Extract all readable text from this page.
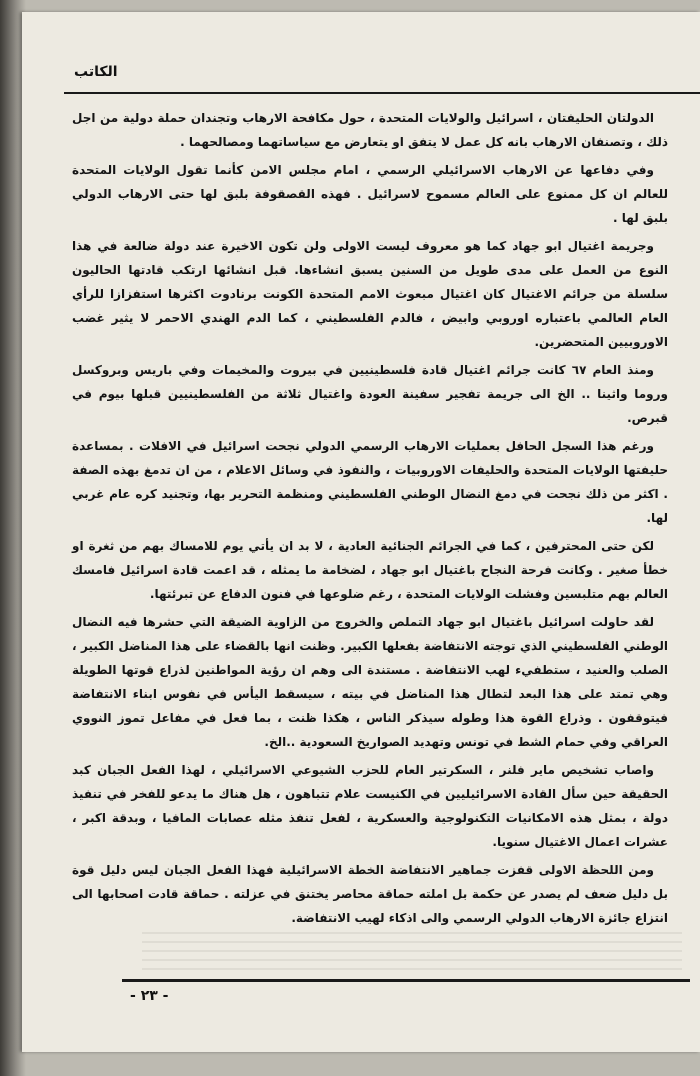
الكاتب

الدولتان الحليفتان ، اسرائيل والولايات المتحدة ، حول مكافحة الارهاب وتجندان حملة دولية من اجل ذلك ، وتصنفان الارهاب بانه كل عمل لا يتفق او يتعارض مع سياساتهما ومصالحهما .

وفي دفاعها عن الارهاب الاسرائيلي الرسمي ، امام مجلس الامن كأنما تقول الولايات المتحدة للعالم ان كل ممنوع على العالم مسموح لاسرائيل . فهذه القصقوفة بلبق لها حتى الارهاب الدولي بلبق لها .

وجريمة اغتيال ابو جهاد كما هو معروف ليست الاولى ولن تكون الاخيرة عند دولة ضالعة في هذا النوع من العمل على مدى طويل من السنين يسبق انشاءها. قبل انشائها ارتكب قادتها الحاليون سلسلة من جرائم الاغتيال كان اغتيال مبعوث الامم المتحدة الكونت برنادوت اكثرها استفزازا للرأي العام العالمي باعتباره اوروبي وابيض ، فالدم الفلسطيني ، كما الدم الهندي الاحمر لا يثير غضب الاوروبيين المتحضرين.

ومنذ العام ٦٧ كانت جرائم اغتيال قادة فلسطينيين في بيروت والمخيمات وفي باريس وبروكسل وروما واثينا .. الخ الى جريمة تفجير سفينة العودة واغتيال ثلاثة من الفلسطينيين قبلها بيوم في قبرص.

ورغم هذا السجل الحافل بعمليات الارهاب الرسمي الدولي نجحت اسرائيل في الافلات . بمساعدة حليفتها الولايات المتحدة والحليفات الاوروبيات ، والنفوذ في وسائل الاعلام ، من ان تدمغ بهذه الصفة . اكثر من ذلك نجحت في دمغ النضال الوطني الفلسطيني ومنظمة التحرير بها، وتجنيد كره عام غربي لها.

لكن حتى المحترفين ، كما في الجرائم الجنائية العادية ، لا بد ان يأتي يوم للامساك بهم من ثغرة او خطأ صغير . وكانت فرحة النجاح باغتيال ابو جهاد ، لضخامة ما يمثله ، قد اعمت قادة اسرائيل فامسك العالم بهم متلبسين وفشلت الولايات المتحدة ، رغم ضلوعها في فنون الدفاع عن تبرئتها.

لقد حاولت اسرائيل باغتيال ابو جهاد التملص والخروج من الزاوية الضيقة التي حشرها فيه النضال الوطني الفلسطيني الذي توجته الانتفاضة بفعلها الكبير. وظنت انها بالقضاء على هذا المناضل الكبير ، الصلب والعنيد ، ستطفيء لهب الانتفاضة . مستندة الى وهم ان رؤية المواطنين لذراع قوتها الطويلة وهي تمتد على هذا البعد لتطال هذا المناضل في بيته ، سيسقط اليأس في نفوس ابناء الانتفاضة فيتوقفون . وذراع القوة هذا وطوله سيذكر الناس ، هكذا ظنت ، بما فعل في مفاعل تموز النووي العراقي وفي حمام الشط في تونس وتهديد الصواريخ السعودية ..الخ.

واصاب تشخيص ماير فلنر ، السكرتير العام للحزب الشيوعي الاسرائيلي ، لهذا الفعل الجبان كبد الحقيقة حين سأل القادة الاسرائيليين في الكنيست علام تتباهون ، هل هناك ما يدعو للفخر في تنفيذ دولة ، بمثل هذه الامكانيات التكنولوجية والعسكرية ، لفعل تنفذ مثله عصابات المافيا ، وبدقة اكبر ، عشرات اعمال الاغتيال سنويا.

ومن اللحظة الاولى قفزت جماهير الانتفاضة الخطة الاسرائيلية فهذا الفعل الجبان ليس دليل قوة بل دليل ضعف لم يصدر عن حكمة بل املته حماقة محاصر يختنق في عزلته . حماقة قادت اصحابها الى انتزاع جائزة الارهاب الدولي الرسمي والى اذكاء لهيب الانتفاضة.

- ٢٣ -
